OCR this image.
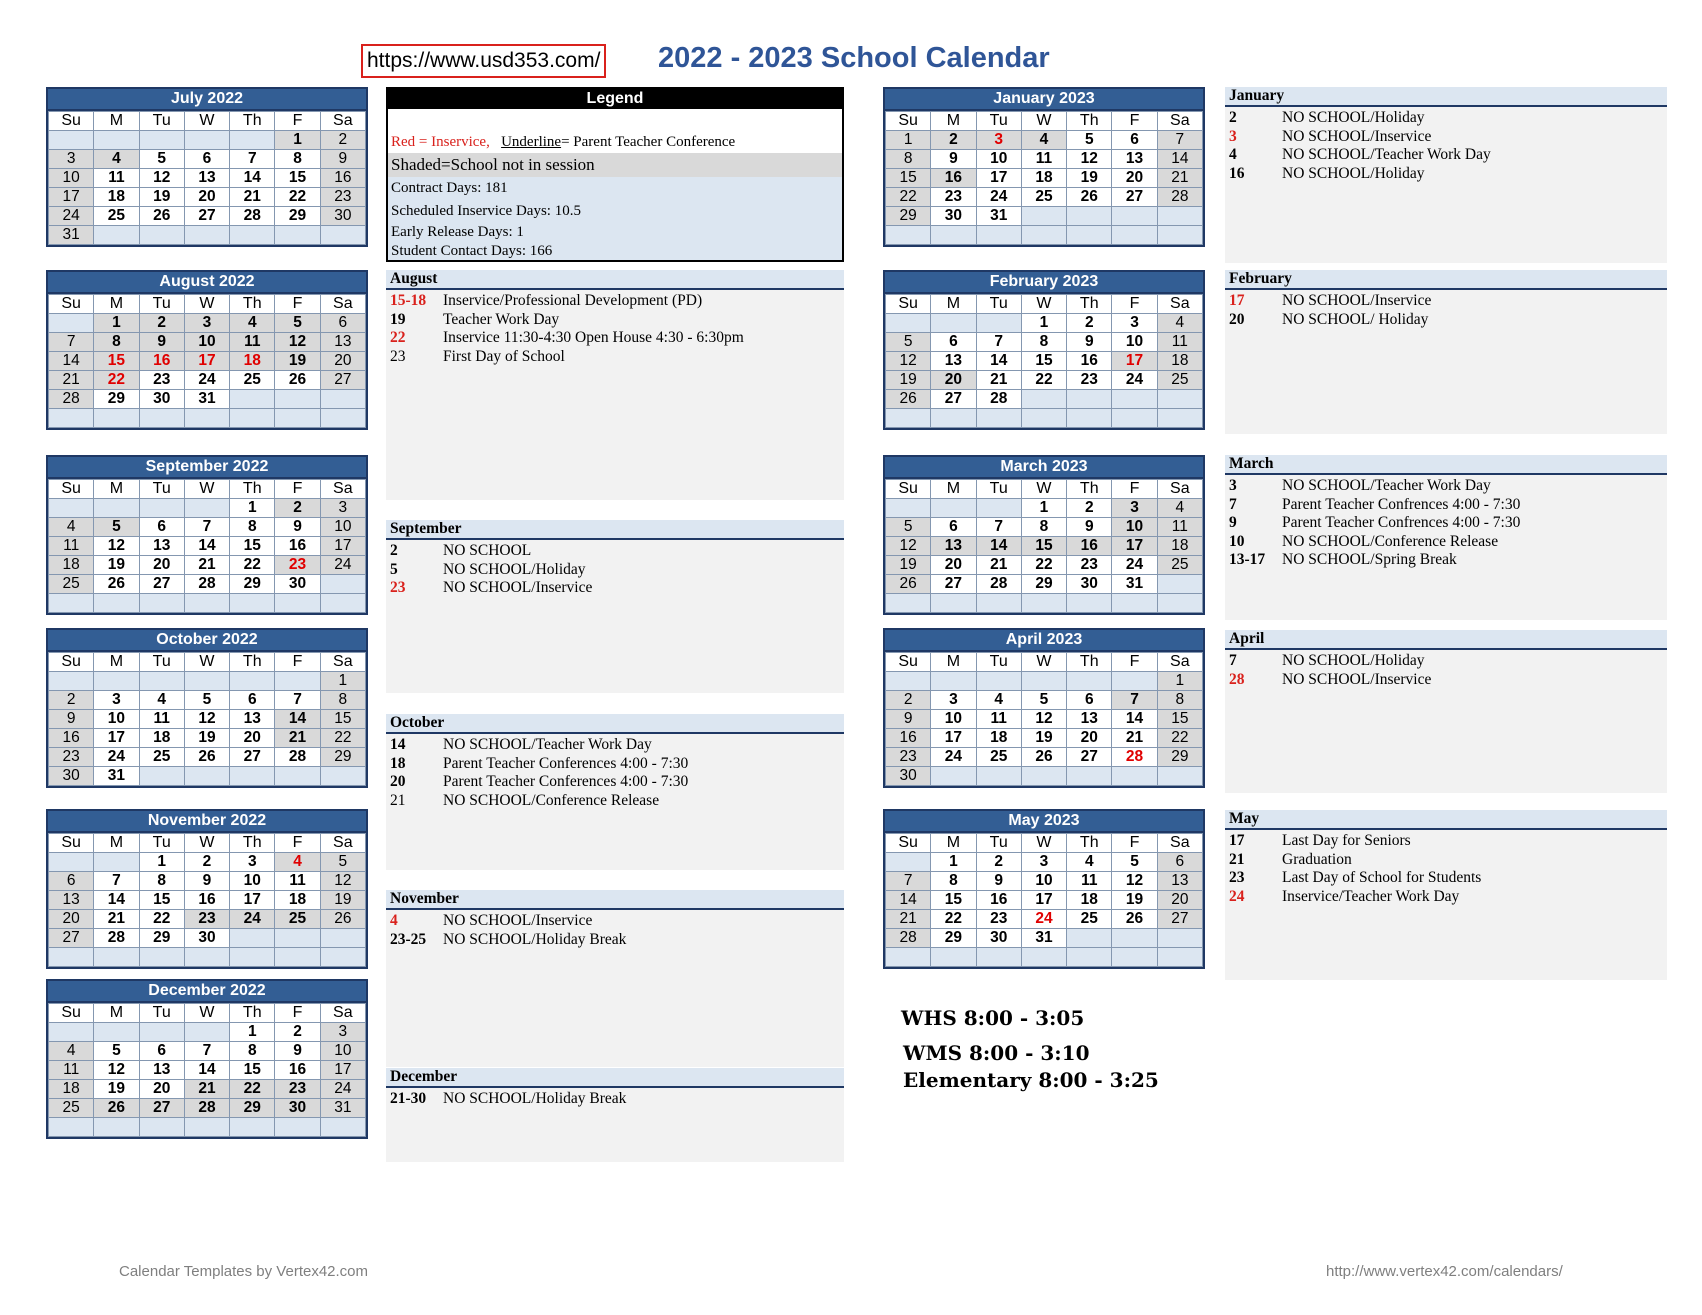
https://www.usd353.com/ 2022 - 2023 School Calendar
Legend
Red = Inservice, Underline= Parent Teacher Conference
Shaded=School not in session
Contract Days: 181
Scheduled Inservice Days: 10.5
Early Release Days: 1
Student Contact Days: 166
July 2022
Su	M	Tu	W	Th	F	Sa
					1	2
3	4	5	6	7	8	9
10	11	12	13	14	15	16
17	18	19	20	21	22	23
24	25	26	27	28	29	30
31						
August 2022
Su	M	Tu	W	Th	F	Sa
	1	2	3	4	5	6
7	8	9	10	11	12	13
14	15	16	17	18	19	20
21	22	23	24	25	26	27
28	29	30	31			

September 2022
Su	M	Tu	W	Th	F	Sa
				1	2	3
4	5	6	7	8	9	10
11	12	13	14	15	16	17
18	19	20	21	22	23	24
25	26	27	28	29	30	

October 2022
Su	M	Tu	W	Th	F	Sa
						1
2	3	4	5	6	7	8
9	10	11	12	13	14	15
16	17	18	19	20	21	22
23	24	25	26	27	28	29
30	31					
November 2022
Su	M	Tu	W	Th	F	Sa
		1	2	3	4	5
6	7	8	9	10	11	12
13	14	15	16	17	18	19
20	21	22	23	24	25	26
27	28	29	30			

December 2022
Su	M	Tu	W	Th	F	Sa
				1	2	3
4	5	6	7	8	9	10
11	12	13	14	15	16	17
18	19	20	21	22	23	24
25	26	27	28	29	30	31

January 2023
Su	M	Tu	W	Th	F	Sa
1	2	3	4	5	6	7
8	9	10	11	12	13	14
15	16	17	18	19	20	21
22	23	24	25	26	27	28
29	30	31				

February 2023
Su	M	Tu	W	Th	F	Sa
			1	2	3	4
5	6	7	8	9	10	11
12	13	14	15	16	17	18
19	20	21	22	23	24	25
26	27	28				

March 2023
Su	M	Tu	W	Th	F	Sa
			1	2	3	4
5	6	7	8	9	10	11
12	13	14	15	16	17	18
19	20	21	22	23	24	25
26	27	28	29	30	31	

April 2023
Su	M	Tu	W	Th	F	Sa
						1
2	3	4	5	6	7	8
9	10	11	12	13	14	15
16	17	18	19	20	21	22
23	24	25	26	27	28	29
30						
May 2023
Su	M	Tu	W	Th	F	Sa
	1	2	3	4	5	6
7	8	9	10	11	12	13
14	15	16	17	18	19	20
21	22	23	24	25	26	27
28	29	30	31			

January
2	NO SCHOOL/Holiday
3	NO SCHOOL/Inservice
4	NO SCHOOL/Teacher Work Day
16 NO SCHOOL/Holiday
February
17 NO SCHOOL/Inservice
20 NO SCHOOL/ Holiday
March
3	NO SCHOOL/Teacher Work Day
7	Parent Teacher Confrences 4:00 - 7:30
9	Parent Teacher Confrences 4:00 - 7:30
10 NO SCHOOL/Conference Release
13-17 NO SCHOOL/Spring Break
April
7	NO SCHOOL/Holiday
28 NO SCHOOL/Inservice
May
17 Last Day for Seniors
21 Graduation
23 Last Day of School for Students
24 Inservice/Teacher Work Day
August
15-18 Inservice/Professional Development (PD)
19 Teacher Work Day
22 Inservice 11:30-4:30 Open House 4:30 - 6:30pm
23 First Day of School
September
2	NO SCHOOL
5	NO SCHOOL/Holiday
23 NO SCHOOL/Inservice
October
14 NO SCHOOL/Teacher Work Day
18 Parent Teacher Conferences 4:00 - 7:30
20 Parent Teacher Conferences 4:00 - 7:30
21 NO SCHOOL/Conference Release
November
4	NO SCHOOL/Inservice
23-25 NO SCHOOL/Holiday Break
December
21-30 NO SCHOOL/Holiday Break
WHS 8:00 - 3:05
WMS 8:00 - 3:10
Elementary 8:00 - 3:25
Calendar Templates by Vertex42.com	http://www.vertex42.com/calendars/
